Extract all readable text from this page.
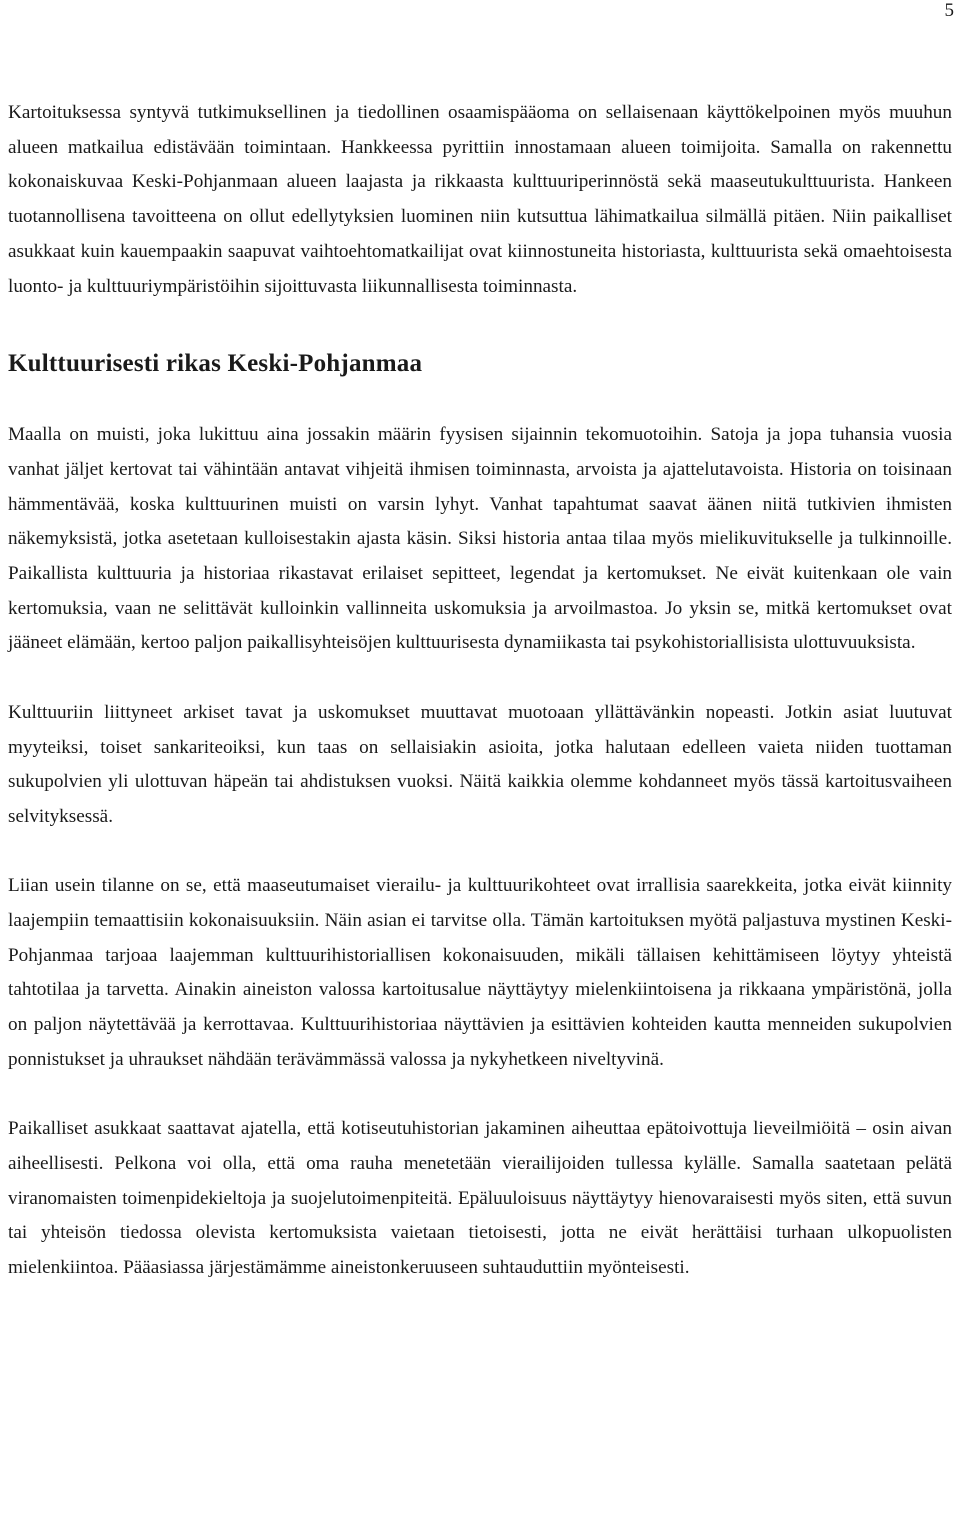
5

Kartoituksessa syntyvä tutkimuksellinen ja tiedollinen osaamispääoma on sellaisenaan käyttökelpoinen myös muuhun alueen matkailua edistävään toimintaan. Hankkeessa pyrittiin innostamaan alueen toimijoita. Samalla on rakennettu kokonaiskuvaa Keski-Pohjanmaan alueen laajasta ja rikkaasta kulttuuriperinnöstä sekä maaseutukulttuurista. Hankeen tuotannollisena tavoitteena on ollut edellytyksien luominen niin kutsuttua lähimatkailua silmällä pitäen. Niin paikalliset asukkaat kuin kauempaakin saapuvat vaihtoehtomatkailijat ovat kiinnostuneita historiasta, kulttuurista sekä omaehtoisesta luonto- ja kulttuuriympäristöihin sijoittuvasta liikunnallisesta toiminnasta.

Kulttuurisesti rikas Keski-Pohjanmaa

Maalla on muisti, joka lukittuu aina jossakin määrin fyysisen sijainnin tekomuotoihin. Satoja ja jopa tuhansia vuosia vanhat jäljet kertovat tai vähintään antavat vihjeitä ihmisen toiminnasta, arvoista ja ajattelutavoista. Historia on toisinaan hämmentävää, koska kulttuurinen muisti on varsin lyhyt. Vanhat tapahtumat saavat äänen niitä tutkivien ihmisten näkemyksistä, jotka asetetaan kulloisestakin ajasta käsin. Siksi historia antaa tilaa myös mielikuvitukselle ja tulkinnoille. Paikallista kulttuuria ja historiaa rikastavat erilaiset sepitteet, legendat ja kertomukset. Ne eivät kuitenkaan ole vain kertomuksia, vaan ne selittävät kulloinkin vallinneita uskomuksia ja arvoilmastoa. Jo yksin se, mitkä kertomukset ovat jääneet elämään, kertoo paljon paikallisyhteisöjen kulttuurisesta dynamiikasta tai psykohistoriallisista ulottuvuuksista.

Kulttuuriin liittyneet arkiset tavat ja uskomukset muuttavat muotoaan yllättävänkin nopeasti. Jotkin asiat luutuvat myyteiksi, toiset sankariteoiksi, kun taas on sellaisiakin asioita, jotka halutaan edelleen vaieta niiden tuottaman sukupolvien yli ulottuvan häpeän tai ahdistuksen vuoksi. Näitä kaikkia olemme kohdanneet myös tässä kartoitusvaiheen selvityksessä.

Liian usein tilanne on se, että maaseutumaiset vierailu- ja kulttuurikohteet ovat irrallisia saarekkeita, jotka eivät kiinnity laajempiin temaattisiin kokonaisuuksiin. Näin asian ei tarvitse olla. Tämän kartoituksen myötä paljastuva mystinen Keski-Pohjanmaa tarjoaa laajemman kulttuurihistoriallisen kokonaisuuden, mikäli tällaisen kehittämiseen löytyy yhteistä tahtotilaa ja tarvetta. Ainakin aineiston valossa kartoitusalue näyttäytyy mielenkiintoisena ja rikkaana ympäristönä, jolla on paljon näytettävää ja kerrottavaa. Kulttuurihistoriaa näyttävien ja esittävien kohteiden kautta menneiden sukupolvien ponnistukset ja uhraukset nähdään terävämmässä valossa ja nykyhetkeen niveltyvinä.

Paikalliset asukkaat saattavat ajatella, että kotiseutuhistorian jakaminen aiheuttaa epätoivottuja lieveilmiöitä – osin aivan aiheellisesti. Pelkona voi olla, että oma rauha menetetään vierailijoiden tullessa kylälle. Samalla saatetaan pelätä viranomaisten toimenpidekieltoja ja suojelutoimenpiteitä. Epäluuloisuus näyttäytyy hienovaraisesti myös siten, että suvun tai yhteisön tiedossa olevista kertomuksista vaietaan tietoisesti, jotta ne eivät herättäisi turhaan ulkopuolisten mielenkiintoa. Pääasiassa järjestämämme aineistonkeruuseen suhtauduttiin myönteisesti.
